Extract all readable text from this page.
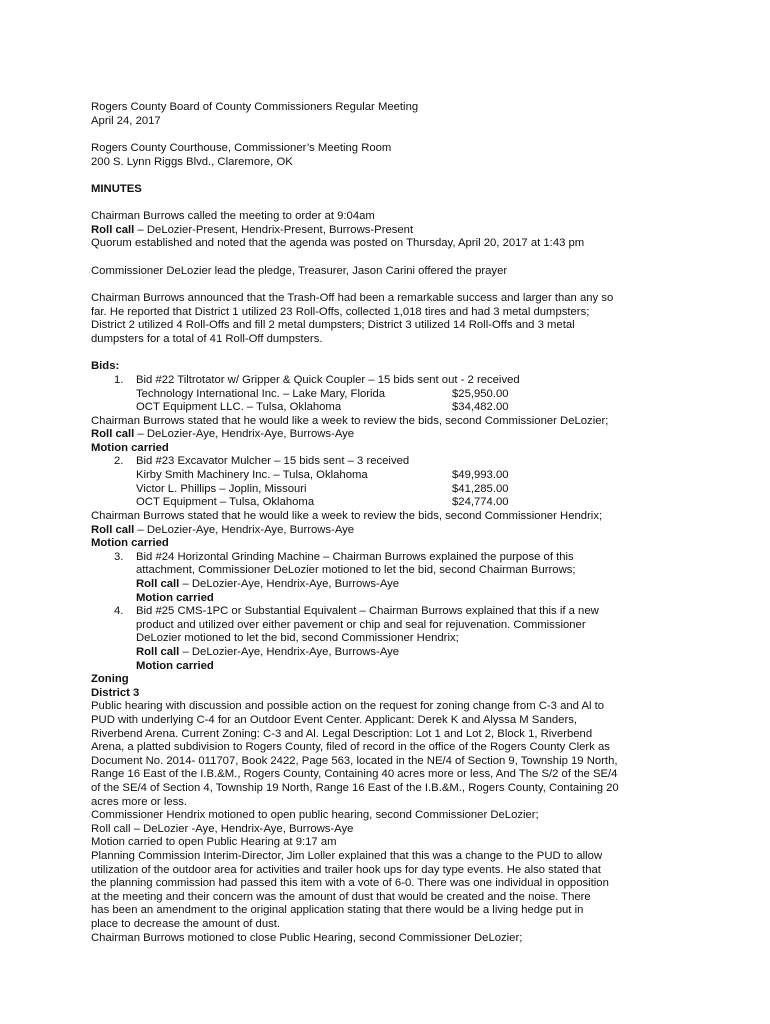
Rogers County Board of County Commissioners Regular Meeting
April 24, 2017
Rogers County Courthouse, Commissioner’s Meeting Room
200 S. Lynn Riggs Blvd., Claremore, OK
MINUTES
Chairman Burrows called the meeting to order at 9:04am
Roll call – DeLozier-Present, Hendrix-Present, Burrows-Present
Quorum established and noted that the agenda was posted on Thursday, April 20, 2017 at 1:43 pm
Commissioner DeLozier lead the pledge, Treasurer, Jason Carini offered the prayer
Chairman Burrows announced that the Trash-Off had been a remarkable success and larger than any so
far. He reported that District 1 utilized 23 Roll-Offs, collected 1,018 tires and had 3 metal dumpsters;
District 2 utilized 4 Roll-Offs and fill 2 metal dumpsters; District 3 utilized 14 Roll-Offs and 3 metal
dumpsters for a total of 41 Roll-Off dumpsters.
Bids:
1. Bid #22 Tiltrotator w/ Gripper & Quick Coupler – 15 bids sent out - 2 received
Technology International Inc. – Lake Mary, Florida	$25,950.00
OCT Equipment LLC. – Tulsa, Oklahoma	$34,482.00
Chairman Burrows stated that he would like a week to review the bids, second Commissioner DeLozier;
Roll call – DeLozier-Aye, Hendrix-Aye, Burrows-Aye
Motion carried
2. Bid #23 Excavator Mulcher – 15 bids sent – 3 received
Kirby Smith Machinery Inc. – Tulsa, Oklahoma	$49,993.00
Victor L. Phillips – Joplin, Missouri	$41,285.00
OCT Equipment – Tulsa, Oklahoma	$24,774.00
Chairman Burrows stated that he would like a week to review the bids, second Commissioner Hendrix;
Roll call – DeLozier-Aye, Hendrix-Aye, Burrows-Aye
Motion carried
3. Bid #24 Horizontal Grinding Machine – Chairman Burrows explained the purpose of this
attachment, Commissioner DeLozier motioned to let the bid, second Chairman Burrows;
Roll call – DeLozier-Aye, Hendrix-Aye, Burrows-Aye
Motion carried
4. Bid #25 CMS-1PC or Substantial Equivalent – Chairman Burrows explained that this if a new
product and utilized over either pavement or chip and seal for rejuvenation. Commissioner
DeLozier motioned to let the bid, second Commissioner Hendrix;
Roll call – DeLozier-Aye, Hendrix-Aye, Burrows-Aye
Motion carried
Zoning
District 3
Public hearing with discussion and possible action on the request for zoning change from C-3 and Al to
PUD with underlying C-4 for an Outdoor Event Center. Applicant: Derek K and Alyssa M Sanders,
Riverbend Arena. Current Zoning: C-3 and Al. Legal Description: Lot 1 and Lot 2, Block 1, Riverbend
Arena, a platted subdivision to Rogers County, filed of record in the office of the Rogers County Clerk as
Document No. 2014- 011707, Book 2422, Page 563, located in the NE/4 of Section 9, Township 19 North,
Range 16 East of the I.B.&M., Rogers County, Containing 40 acres more or less, And The S/2 of the SE/4
of the SE/4 of Section 4, Township 19 North, Range 16 East of the I.B.&M., Rogers County, Containing 20
acres more or less.
Commissioner Hendrix motioned to open public hearing, second Commissioner DeLozier;
Roll call – DeLozier -Aye, Hendrix-Aye, Burrows-Aye
Motion carried to open Public Hearing at 9:17 am
Planning Commission Interim-Director, Jim Loller explained that this was a change to the PUD to allow
utilization of the outdoor area for activities and trailer hook ups for day type events. He also stated that
the planning commission had passed this item with a vote of 6-0. There was one individual in opposition
at the meeting and their concern was the amount of dust that would be created and the noise. There
has been an amendment to the original application stating that there would be a living hedge put in
place to decrease the amount of dust.
Chairman Burrows motioned to close Public Hearing, second Commissioner DeLozier;
